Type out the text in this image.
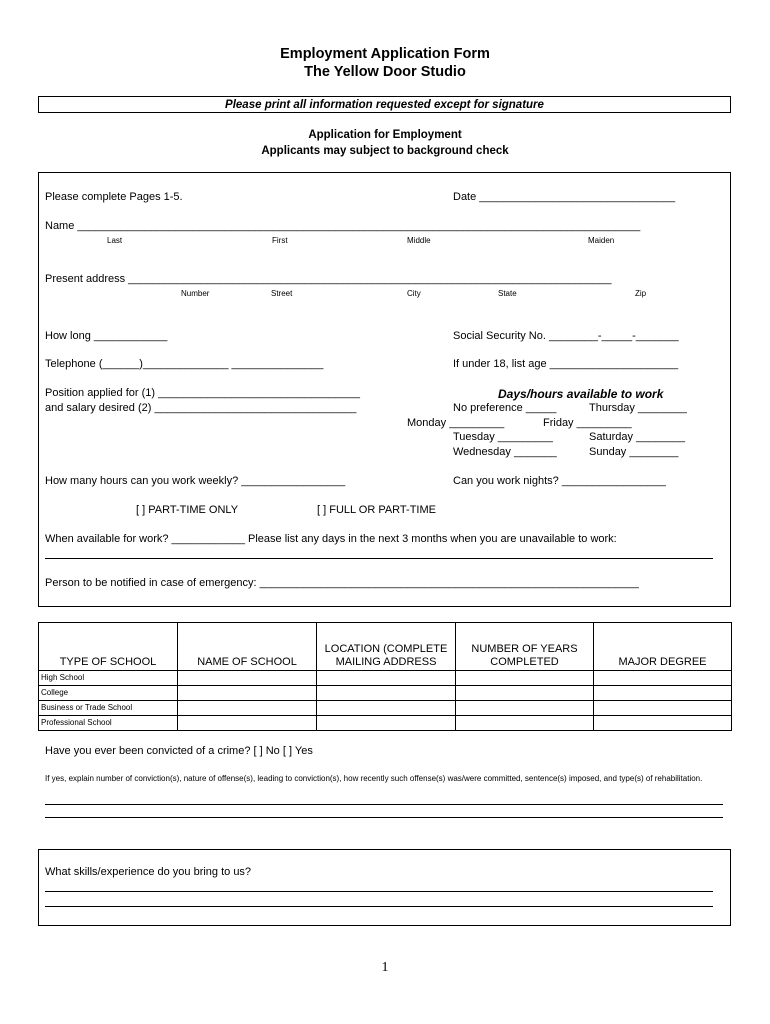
Employment Application Form
The Yellow Door Studio
Please print all information requested except for signature
Application for Employment
Applicants may subject to background check
Please complete Pages 1-5.	Date ________________________________
Name ____________________________________________________________________________________________
Last	First	Middle	Maiden
Present address _______________________________________________________________________________
Number	Street	City	State	Zip
How long ____________	Social Security No. ________-_____-_______
Telephone (______)______________ _______________	If under 18, list age _____________________
Position applied for (1) _________________________________
and salary desired (2) _________________________________
Days/hours available to work
No preference _____	Thursday ________
Monday _________	Friday _________
Tuesday _________	Saturday ________
Wednesday _______	Sunday ________
How many hours can you work weekly? _________________	Can you work nights? _________________
[ ] PART-TIME ONLY	[ ] FULL OR PART-TIME
When available for work? ____________ Please list any days in the next 3 months when you are unavailable to work:
Person to be notified in case of emergency: ______________________________________________________________
TYPE OF SCHOOL	NAME OF SCHOOL	LOCATION (COMPLETE MAILING ADDRESS	NUMBER OF YEARS COMPLETED	MAJOR DEGREE
High School				
College				
Business or Trade School				
Professional School				
Have you ever been convicted of a crime? [ ] No [ ] Yes
If yes, explain number of conviction(s), nature of offense(s), leading to conviction(s), how recently such offense(s) was/were committed, sentence(s) imposed, and type(s) of rehabilitation.
What skills/experience do you bring to us?
1
